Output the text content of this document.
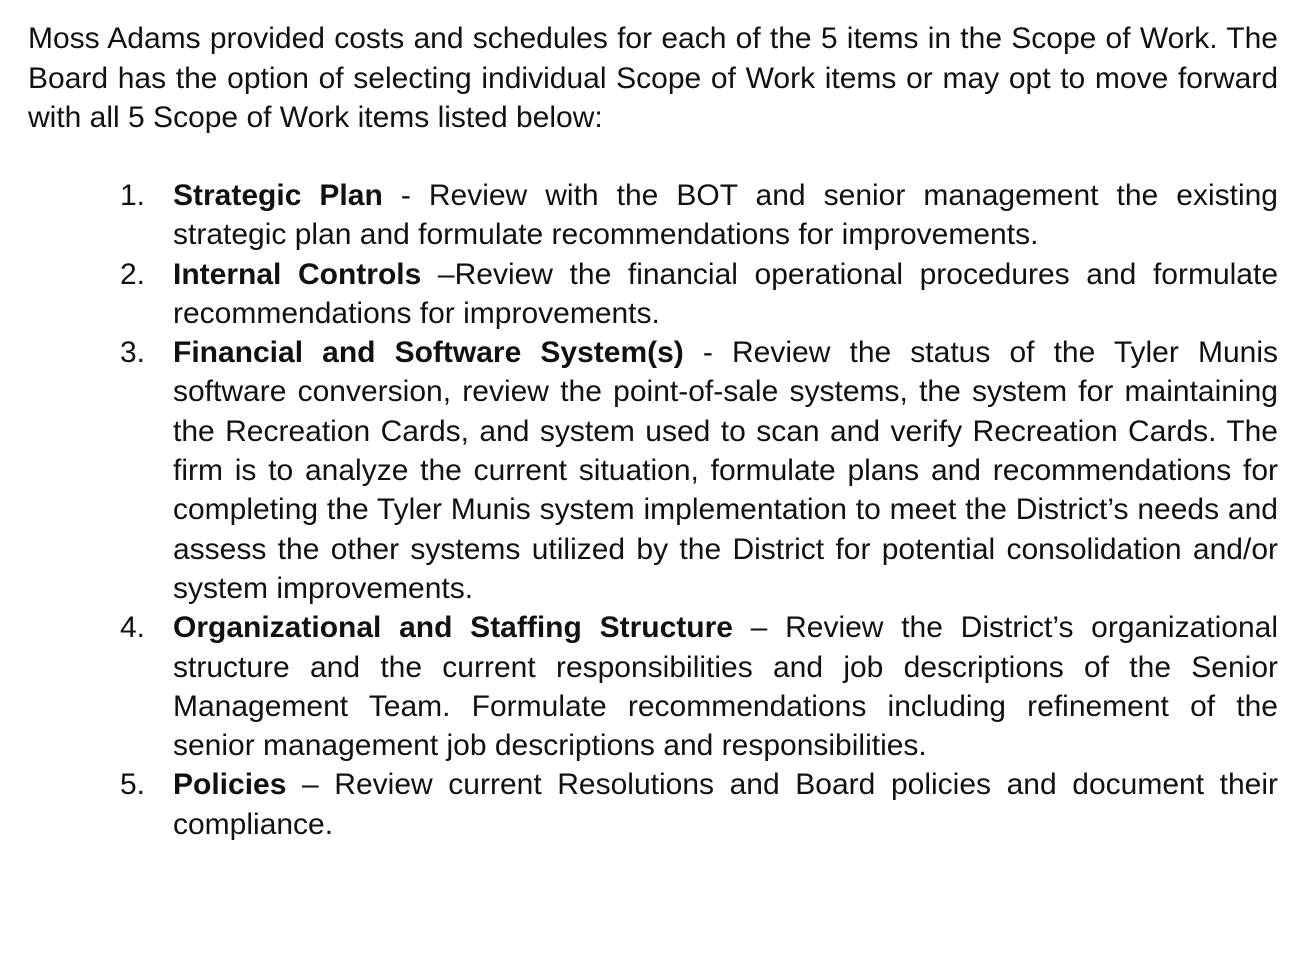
Moss Adams provided costs and schedules for each of the 5 items in the Scope of Work. The Board has the option of selecting individual Scope of Work items or may opt to move forward with all 5 Scope of Work items listed below:

1. Strategic Plan - Review with the BOT and senior management the existing strategic plan and formulate recommendations for improvements.
2. Internal Controls –Review the financial operational procedures and formulate recommendations for improvements.
3. Financial and Software System(s) - Review the status of the Tyler Munis software conversion, review the point-of-sale systems, the system for maintaining the Recreation Cards, and system used to scan and verify Recreation Cards. The firm is to analyze the current situation, formulate plans and recommendations for completing the Tyler Munis system implementation to meet the District’s needs and assess the other systems utilized by the District for potential consolidation and/or system improvements.
4. Organizational and Staffing Structure – Review the District’s organizational structure and the current responsibilities and job descriptions of the Senior Management Team. Formulate recommendations including refinement of the senior management job descriptions and responsibilities.
5. Policies – Review current Resolutions and Board policies and document their compliance.
